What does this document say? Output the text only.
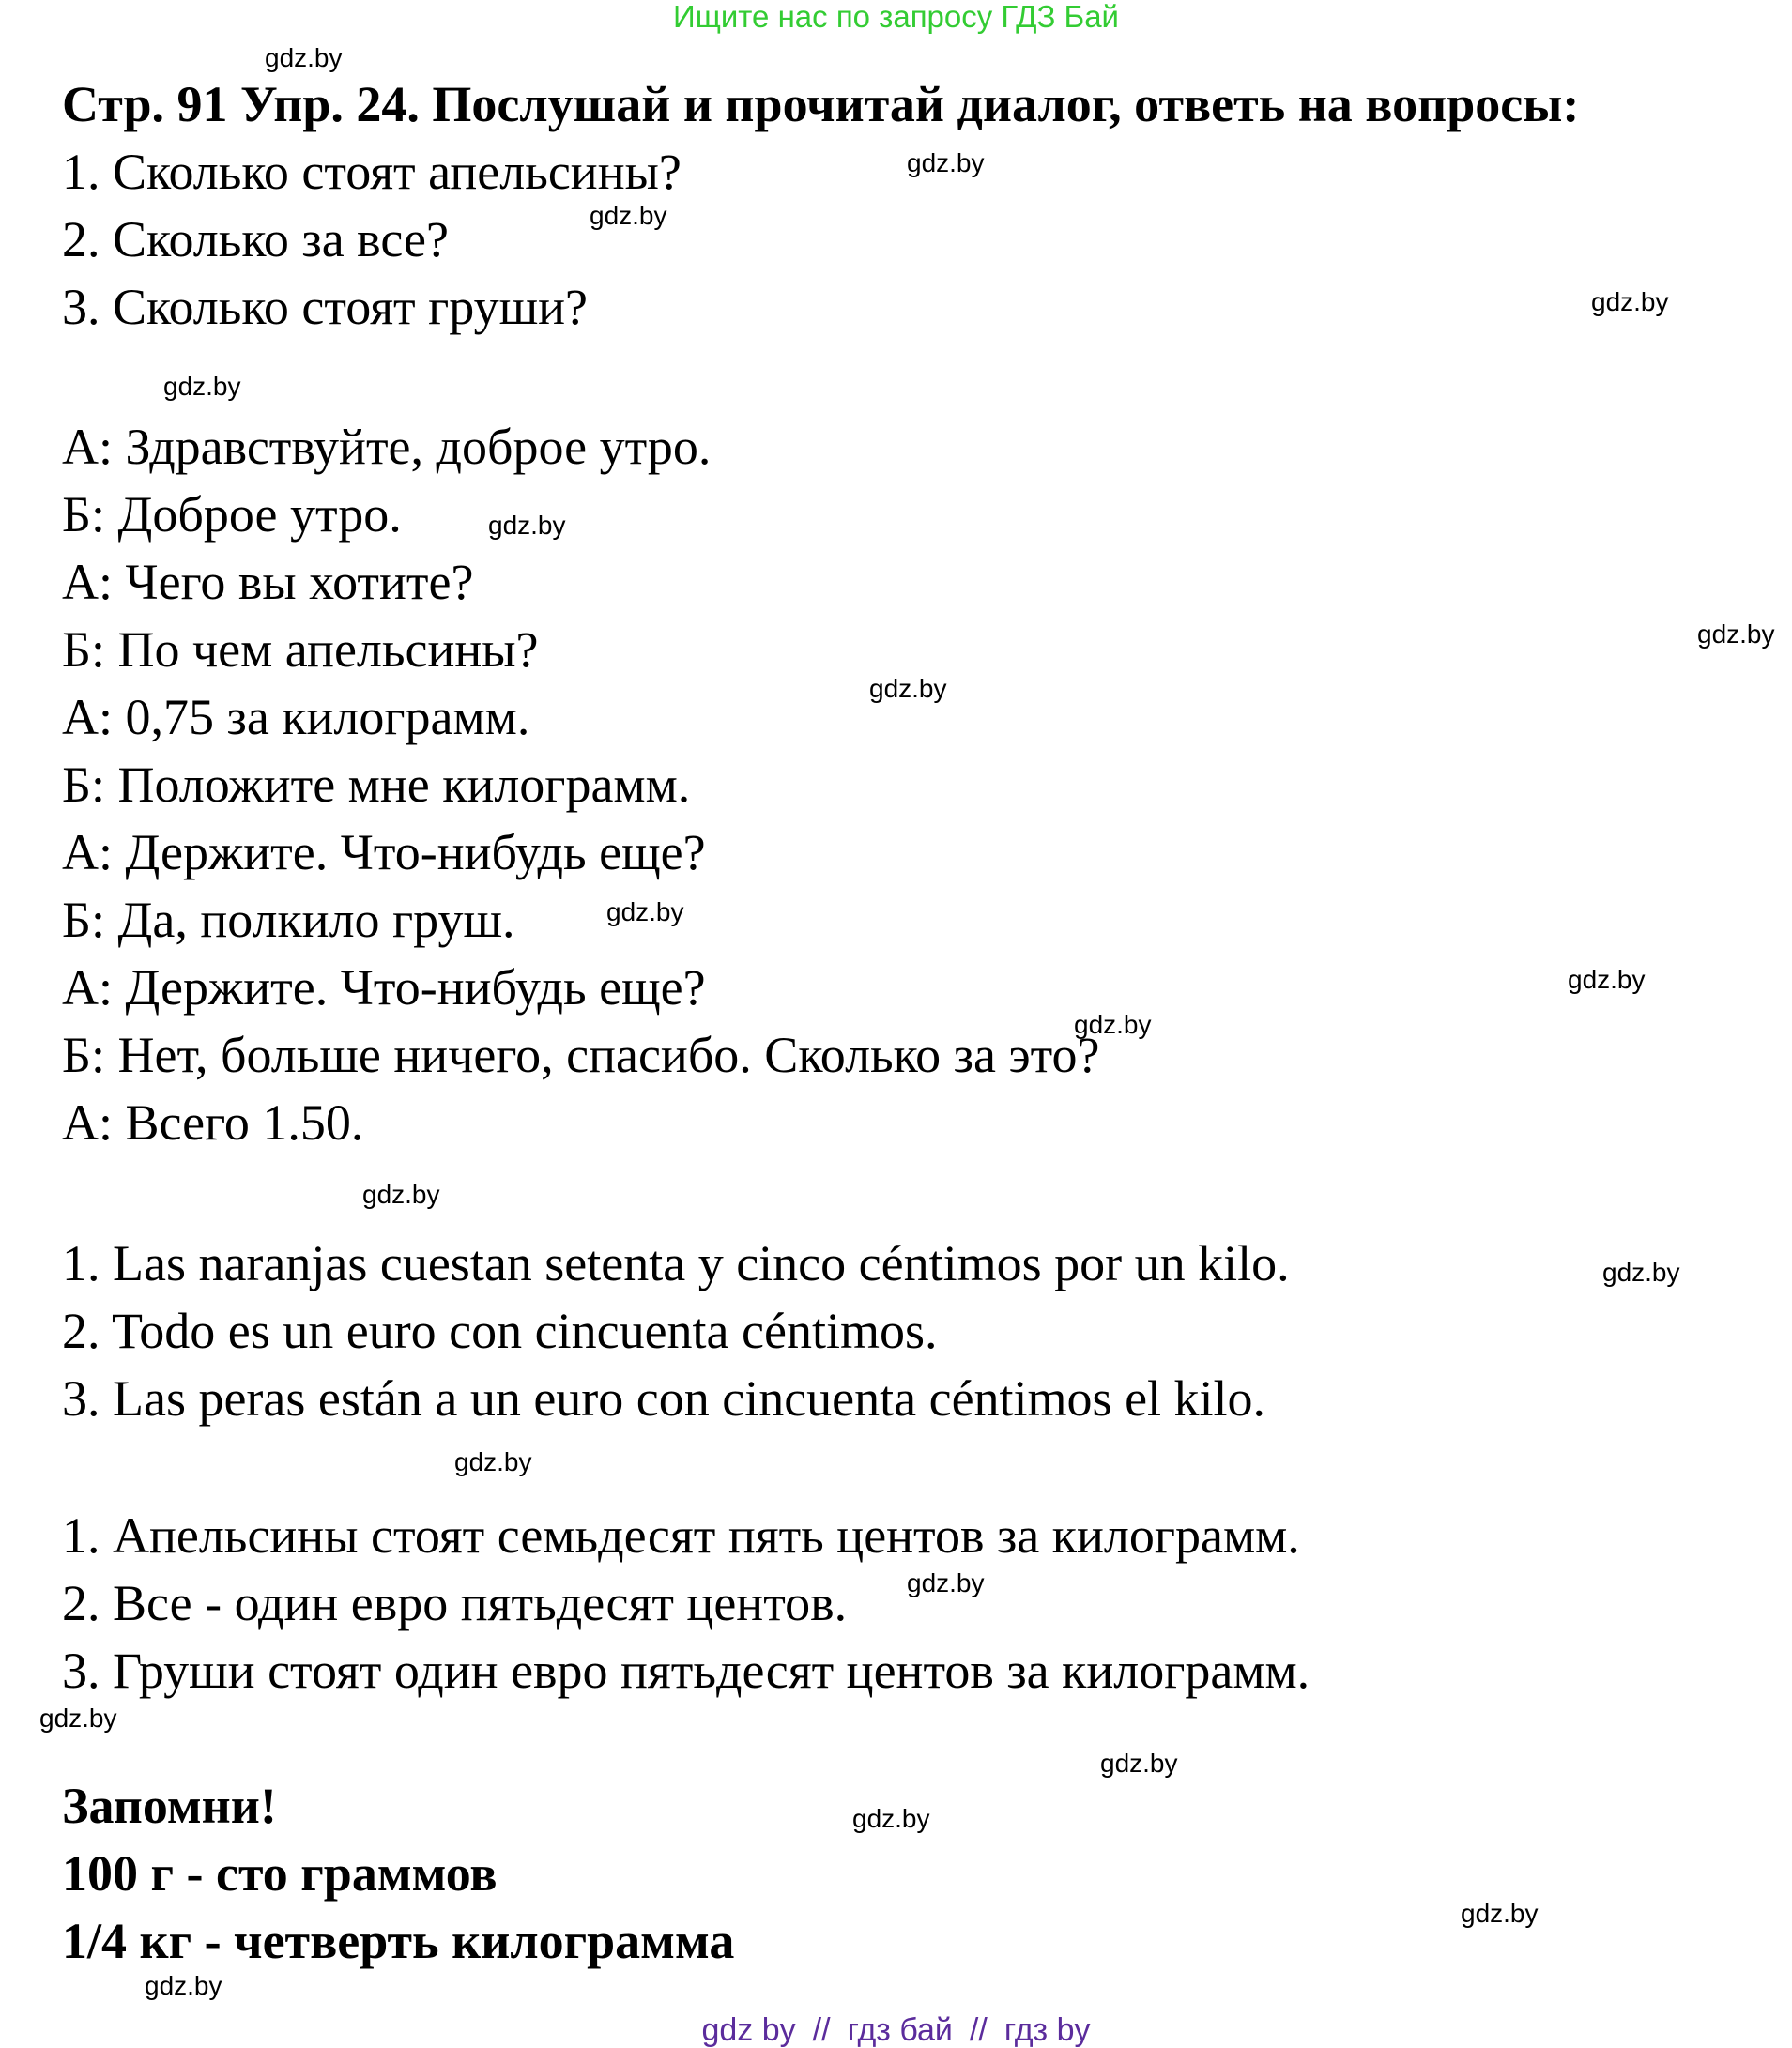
Ищите нас по запросу ГДЗ Бай
Стр. 91 Упр. 24. Послушай и прочитай диалог, ответь на вопросы:
1. Сколько стоят апельсины?
2. Сколько за все?
3. Сколько стоят груши?
А: Здравствуйте, доброе утро.
Б: Доброе утро.
А: Чего вы хотите?
Б: По чем апельсины?
А: 0,75 за килограмм.
Б: Положите мне килограмм.
А: Держите. Что-нибудь еще?
Б: Да, полкило груш.
А: Держите. Что-нибудь еще?
Б: Нет, больше ничего, спасибо. Сколько за это?
А: Всего 1.50.
1. Las naranjas cuestan setenta y cinco céntimos por un kilo.
2. Todo es un euro con cincuenta céntimos.
3. Las peras están a un euro con cincuenta céntimos el kilo.
1. Апельсины стоят семьдесят пять центов за килограмм.
2. Все - один евро пятьдесят центов.
3. Груши стоят один евро пятьдесят центов за килограмм.
Запомни!
100 г - сто граммов
1/4 кг - четверть килограмма
gdz.by
gdz.by
gdz.by
gdz.by
gdz.by
gdz.by
gdz.by
gdz.by
gdz.by
gdz.by
gdz.by
gdz.by
gdz.by
gdz.by
gdz.by
gdz.by
gdz.by
gdz.by
gdz.by
gdz.by
gdz by // гдз бай // гдз by
